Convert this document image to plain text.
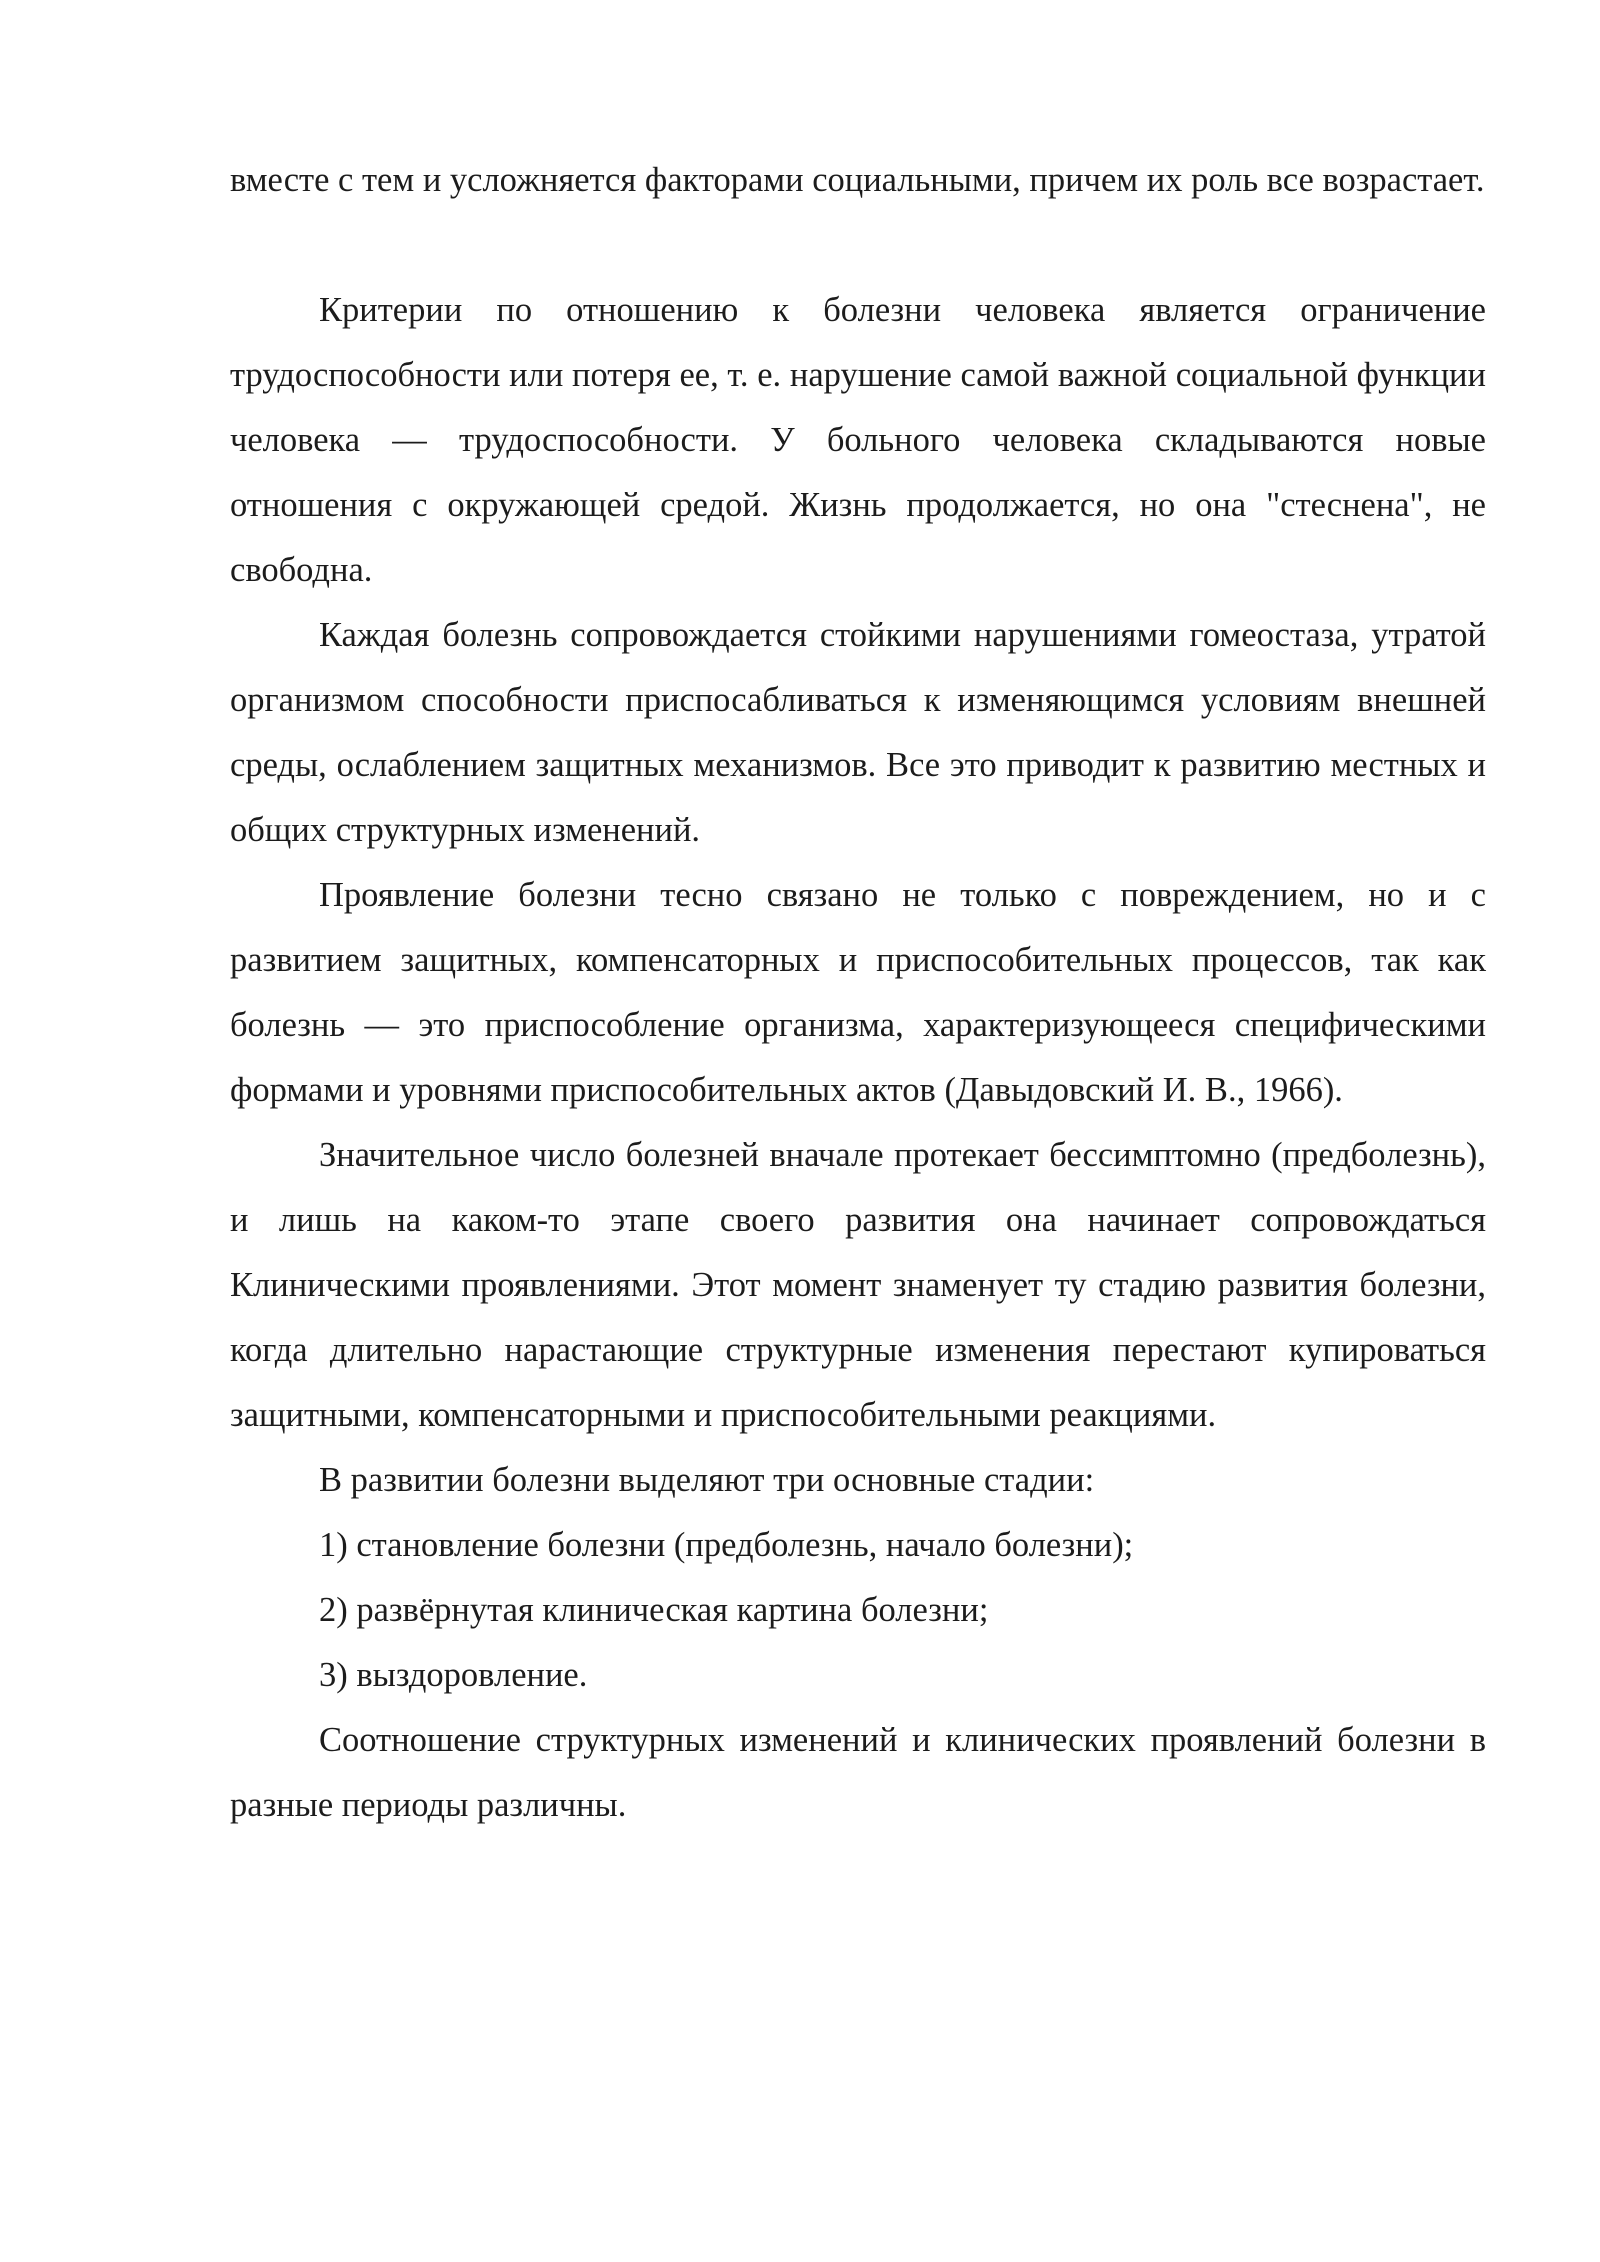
вместе с тем и усложняется факторами социальными, причем их роль все возрастает.

Критерии по отношению к болезни человека является ограничение трудоспособности или потеря ее, т. е. нарушение самой важной социальной функции человека — трудоспособности. У больного человека складываются новые отношения с окружающей средой. Жизнь продолжается, но она "стеснена", не свободна.

Каждая болезнь сопровождается стойкими нарушениями гомеостаза, утратой организмом способности приспосабливаться к изменяющимся условиям внешней среды, ослаблением защитных механизмов. Все это приводит к развитию местных и общих структурных изменений.

Проявление болезни тесно связано не только с повреждением, но и с развитием защитных, компенсаторных и приспособительных процессов, так как болезнь — это приспособление организма, характеризующееся специфическими формами и уровнями приспособительных актов (Давыдовский И. В., 1966).

Значительное число болезней вначале протекает бессимптомно (предболезнь), и лишь на каком-то этапе своего развития она начинает сопровождаться Клиническими проявлениями. Этот момент знаменует ту стадию развития болезни, когда длительно нарастающие структурные изменения перестают купироваться защитными, компенсаторными и приспособительными реакциями.

В развитии болезни выделяют три основные стадии:

1) становление болезни (предболезнь, начало болезни);

2) развёрнутая клиническая картина болезни;

3) выздоровление.

Соотношение структурных изменений и клинических проявлений болезни в разные периоды различны.
